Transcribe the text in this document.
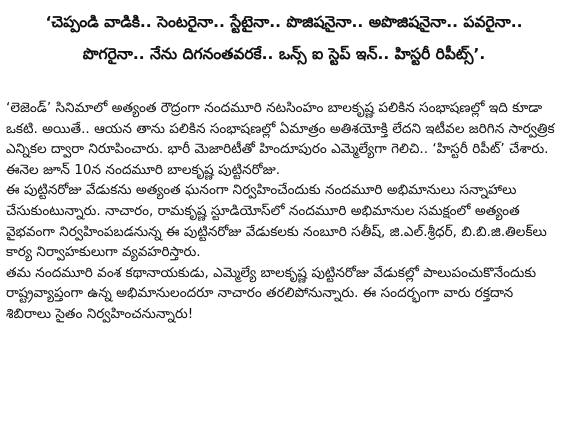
‘చెప్పండి వాడికి.. సెంటరైనా.. స్టేటైనా.. పొజిషనైనా.. అపొజిషనైనా.. పవరైనా.. పొగరైనా.. నేను దిగనంతవరకే.. ఒన్స్‌ ఐ స్టెప్‌ ఇన్‌.. హిస్టరీ రిపీట్స్‌’.

‘లెజెండ్‌’ సినిమాలో అత్యంత రౌద్రంగా నందమూరి నటసింహం బాలకృష్ణ పలికిన సంభాషణల్లో ఇది కూడా ఒకటి. అయితే.. ఆయన తాను పలికిన సంభాషణల్లో ఏమాత్రం అతిశయోక్తి లేదని ఇటీవల జరిగిన సార్వత్రిక ఎన్నికల ద్వారా నిరూపించారు. భారీ మెజారిటీతో హిందూపురం ఎమ్మెల్యేగా గెలిచి.. ‘హిస్టరీ రిపీట్‌’ చేశారు. ఈనెల జూన్‌ 10న నందమూరి బాలకృష్ణ పుట్టినరోజు.

ఈ పుట్టినరోజు వేడుకను అత్యంత ఘనంగా నిర్వహించేందుకు నందమూరి అభిమానులు సన్నాహాలు చేసుకుంటున్నారు. నాచారం, రామకృష్ణ స్టూడియోస్‌లో నందమూరి అభిమానుల సమక్షంలో అత్యంత వైభవంగా నిర్వహింపబడనున్న ఈ పుట్టినరోజు వేడుకలకు నంబూరి సతీష్‌, జి.ఎల్‌.శ్రీధర్‌, బి.బి.జి.తిలక్‌లు కార్య నిర్వాహకులుగా వ్యవహరిస్తారు.

తమ నందమూరి వంశ కథానాయకుడు, ఎమ్మెల్యే బాలకృష్ణ పుట్టినరోజు వేడుకల్లో పాలుపంచుకొనేందుకు రాష్ట్రవ్యాప్తంగా ఉన్న అభిమానులందరూ నాచారం తరలిపోనున్నారు. ఈ సందర్భంగా వారు రక్తదాన శిబిరాలు సైతం నిర్వహించనున్నారు!
